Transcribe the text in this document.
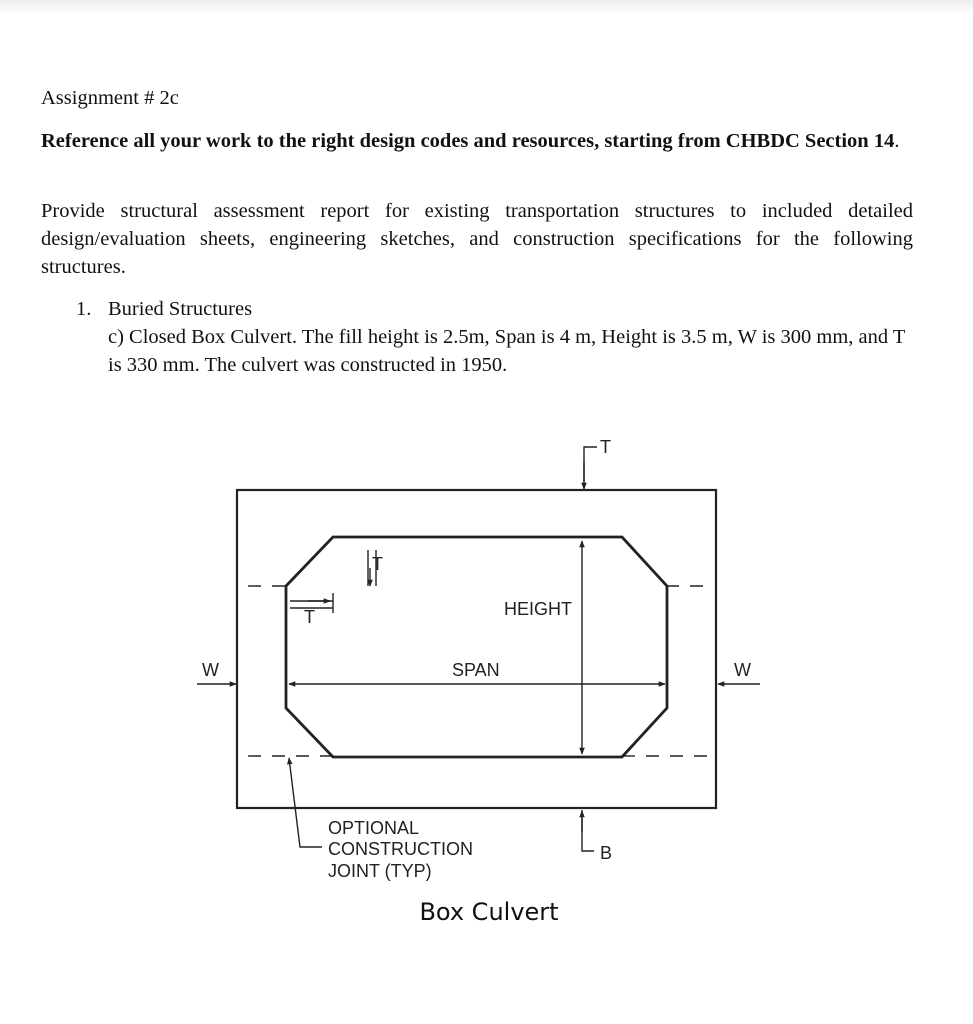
Assignment # 2c

Reference all your work to the right design codes and resources, starting from CHBDC Section 14.

Provide structural assessment report for existing transportation structures to included detailed design/evaluation sheets, engineering sketches, and construction specifications for the following structures.

1. Buried Structures

c) Closed Box Culvert. The fill height is 2.5m, Span is 4 m, Height is 3.5 m, W is 300 mm, and T is 330 mm. The culvert was constructed in 1950.

T
T
T	HEIGHT
SPAN
W	W
B
OPTIONAL
CONSTRUCTION
JOINT (TYP)
Box Culvert
